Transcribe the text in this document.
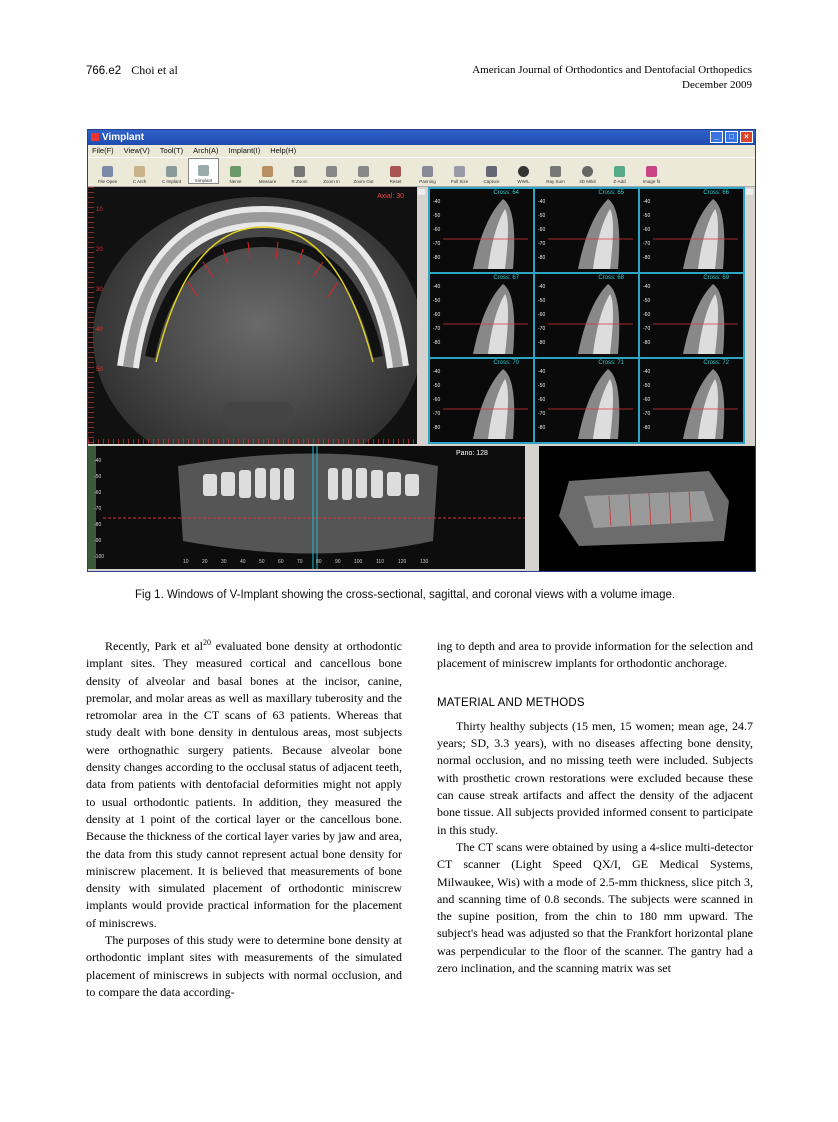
766.e2 Choi et al	American Journal of Orthodontics and Dentofacial Orthopedics
December 2009
Vimplant	_	□	×
File(F) View(V) Tool(T) Arch(A) Implant(I) Help(H)
File Open	C Arch	C Implant	Simplant	Nerve	Measure	R Zoom	Zoom In	Zoom Out	Reset	Panning	Full Size	Capture	WW/L	Ray Sum	3D MIkit	Z-Add	Image fit
10
20
30
40
50
Axial: 30	Cross: 64
-40
-50
-60
-70
-80
Cross: 65
-40
-50
-60
-70
-80
Cross: 66
-40
-50
-60
-70
-80
Cross: 67
-40
-50
-60
-70
-80
Cross: 68
-40
-50
-60
-70
-80
Cross: 69
-40
-50
-60
-70
-80
Cross: 70
-40
-50
-60
-70
-80
Cross: 71
-40
-50
-60
-70
-80
Cross: 72
-40
-50
-60
-70
-80
Pano: 128
-40
-50
-60
-70
-80
-90
-100
10	20	30	40	50	60	70	80	90	100	110	120	130
Fig 1. Windows of V-Implant showing the cross-sectional, sagittal, and coronal views with a volume image.

Recently, Park et $al^{20}$ evaluated bone density at orthodontic implant sites. They measured cortical and cancellous bone density of alveolar and basal bones at the incisor, canine, premolar, and molar areas as well as maxillary tuberosity and the retromolar area in the CT scans of 63 patients. Whereas that study dealt with bone density in dentulous areas, most subjects were orthognathic surgery patients. Because alveolar bone density changes according to the occlusal status of adjacent teeth, data from patients with dentofacial deformities might not apply to usual orthodontic patients. In addition, they measured the density at 1 point of the cortical layer or the cancellous bone. Because the thickness of the cortical layer varies by jaw and area, the data from this study cannot represent actual bone density for miniscrew placement. It is believed that measurements of bone density with simulated placement of orthodontic miniscrew implants would provide practical information for the placement of miniscrews.

The purposes of this study were to determine bone density at orthodontic implant sites with measurements of the simulated placement of miniscrews in subjects with normal occlusion, and to compare the data according-

ing to depth and area to provide information for the selection and placement of miniscrew implants for orthodontic anchorage.

MATERIAL AND METHODS

Thirty healthy subjects (15 men, 15 women; mean age, 24.7 years; SD, 3.3 years), with no diseases affecting bone density, normal occlusion, and no missing teeth were included. Subjects with prosthetic crown restorations were excluded because these can cause streak artifacts and affect the density of the adjacent bone tissue. All subjects provided informed consent to participate in this study.

The CT scans were obtained by using a 4-slice multi-detector CT scanner (Light Speed QX/I, GE Medical Systems, Milwaukee, Wis) with a mode of 2.5-mm thickness, slice pitch 3, and scanning time of 0.8 seconds. The subjects were scanned in the supine position, from the chin to 180 mm upward. The subject's head was adjusted so that the Frankfort horizontal plane was perpendicular to the floor of the scanner. The gantry had a zero inclination, and the scanning matrix was set
